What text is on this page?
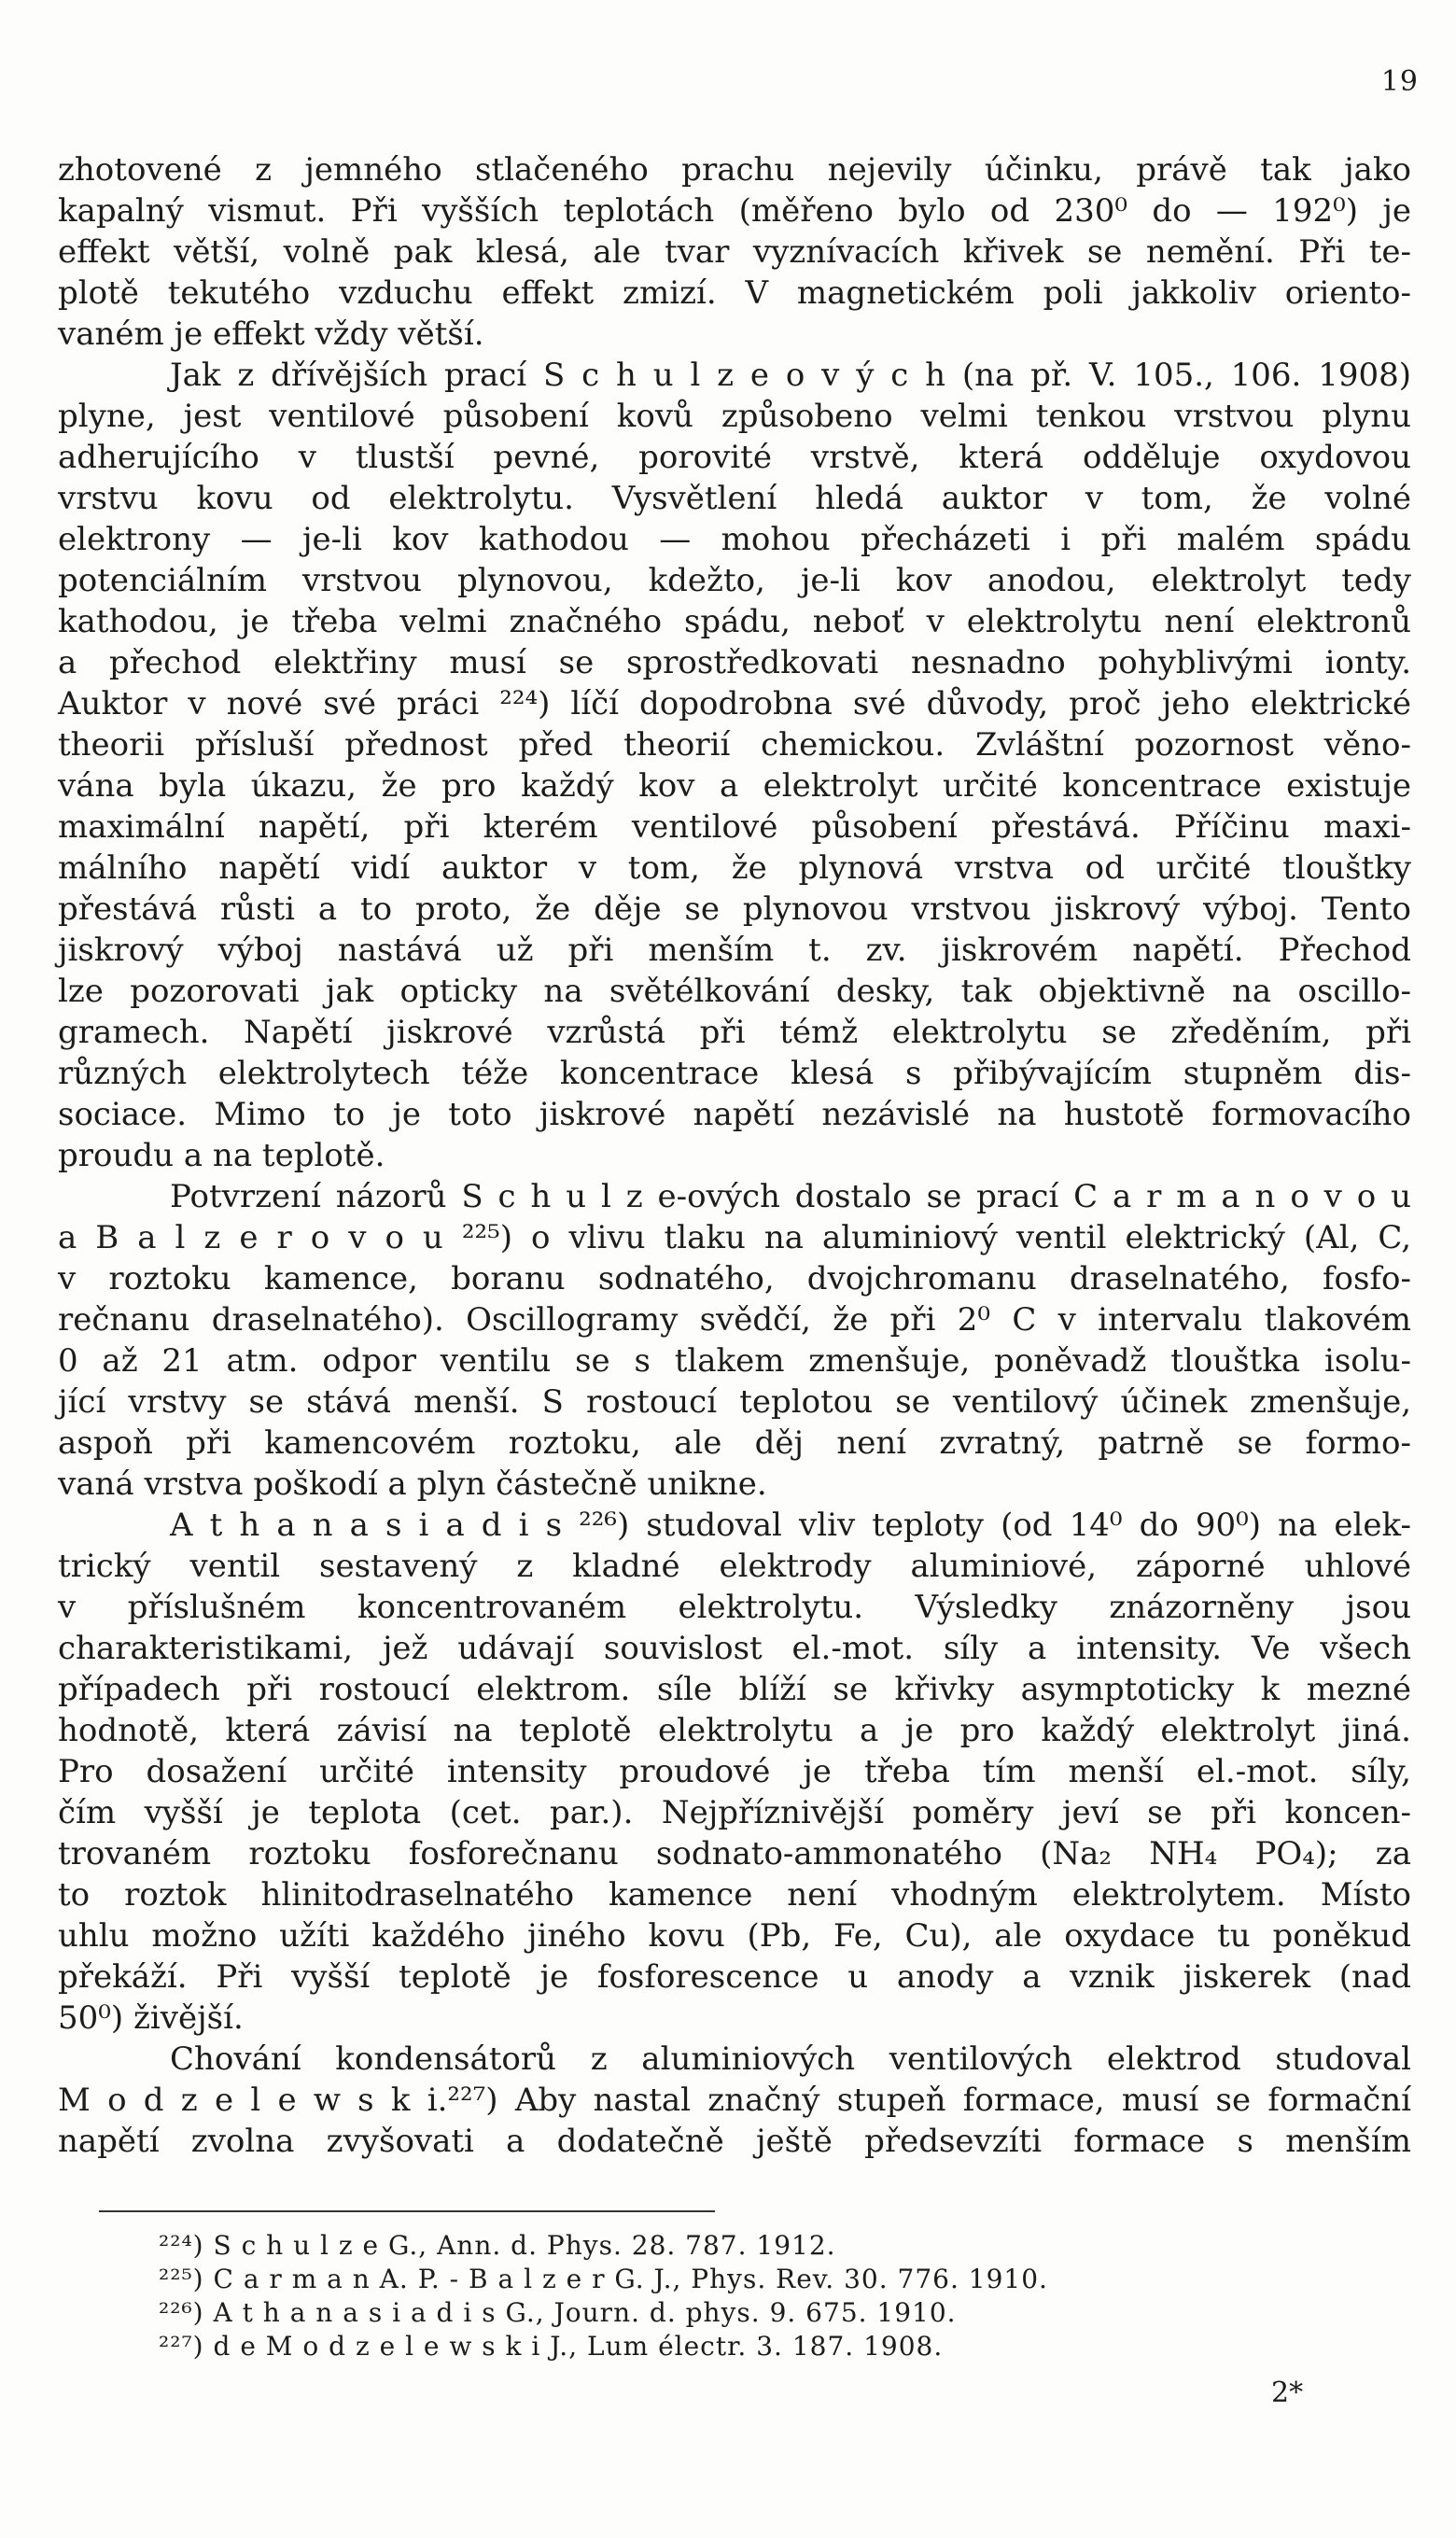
19
zhotovené z jemného stlačeného prachu nejevily účinku, právě tak jako
kapalný vismut. Při vyšších teplotách (měřeno bylo od 230⁰ do — 192⁰) je
effekt větší, volně pak klesá, ale tvar vyznívacích křivek se nemění. Při te-
plotě tekutého vzduchu effekt zmizí. V magnetickém poli jakkoliv oriento-
vaném je effekt vždy větší.
Jak z dřívějších prací S c h u l z e o v ý c h (na př. V. 105., 106. 1908)
plyne, jest ventilové působení kovů způsobeno velmi tenkou vrstvou plynu
adherujícího v tlustší pevné, porovité vrstvě, která odděluje oxydovou
vrstvu kovu od elektrolytu. Vysvětlení hledá auktor v tom, že volné
elektrony — je-li kov kathodou — mohou přecházeti i při malém spádu
potenciálním vrstvou plynovou, kdežto, je-li kov anodou, elektrolyt tedy
kathodou, je třeba velmi značného spádu, neboť v elektrolytu není elektronů
a přechod elektřiny musí se sprostředkovati nesnadno pohyblivými ionty.
Auktor v nové své práci ²²⁴) líčí dopodrobna své důvody, proč jeho elektrické
theorii přísluší přednost před theorií chemickou. Zvláštní pozornost věno-
vána byla úkazu, že pro každý kov a elektrolyt určité koncentrace existuje
maximální napětí, při kterém ventilové působení přestává. Příčinu maxi-
málního napětí vidí auktor v tom, že plynová vrstva od určité tlouštky
přestává růsti a to proto, že děje se plynovou vrstvou jiskrový výboj. Tento
jiskrový výboj nastává už při menším t. zv. jiskrovém napětí. Přechod
lze pozorovati jak opticky na světélkování desky, tak objektivně na oscillo-
gramech. Napětí jiskrové vzrůstá při témž elektrolytu se zředěním, při
různých elektrolytech téže koncentrace klesá s přibývajícím stupněm dis-
sociace. Mimo to je toto jiskrové napětí nezávislé na hustotě formovacího
proudu a na teplotě.
Potvrzení názorů S c h u l z e-ových dostalo se prací C a r m a n o v o u
a B a l z e r o v o u ²²⁵) o vlivu tlaku na aluminiový ventil elektrický (Al, C,
v roztoku kamence, boranu sodnatého, dvojchromanu draselnatého, fosfo-
rečnanu draselnatého). Oscillogramy svědčí, že při 2⁰ C v intervalu tlakovém
0 až 21 atm. odpor ventilu se s tlakem zmenšuje, poněvadž tlouštka isolu-
jící vrstvy se stává menší. S rostoucí teplotou se ventilový účinek zmenšuje,
aspoň při kamencovém roztoku, ale děj není zvratný, patrně se formo-
vaná vrstva poškodí a plyn částečně unikne.
A t h a n a s i a d i s ²²⁶) studoval vliv teploty (od 14⁰ do 90⁰) na elek-
trický ventil sestavený z kladné elektrody aluminiové, záporné uhlové
v příslušném koncentrovaném elektrolytu. Výsledky znázorněny jsou
charakteristikami, jež udávají souvislost el.-mot. síly a intensity. Ve všech
případech při rostoucí elektrom. síle blíží se křivky asymptoticky k mezné
hodnotě, která závisí na teplotě elektrolytu a je pro každý elektrolyt jiná.
Pro dosažení určité intensity proudové je třeba tím menší el.-mot. síly,
čím vyšší je teplota (cet. par.). Nejpříznivější poměry jeví se při koncen-
trovaném roztoku fosforečnanu sodnato-ammonatého (Na₂ NH₄ PO₄); za
to roztok hlinitodraselnatého kamence není vhodným elektrolytem. Místo
uhlu možno užíti každého jiného kovu (Pb, Fe, Cu), ale oxydace tu poněkud
překáží. Při vyšší teplotě je fosforescence u anody a vznik jiskerek (nad
50⁰) živější.
Chování kondensátorů z aluminiových ventilových elektrod studoval
M o d z e l e w s k i.²²⁷) Aby nastal značný stupeň formace, musí se formační
napětí zvolna zvyšovati a dodatečně ještě předsevzíti formace s menším
²²⁴) S c h u l z e G., Ann. d. Phys. 28. 787. 1912.
²²⁵) C a r m a n A. P. - B a l z e r G. J., Phys. Rev. 30. 776. 1910.
²²⁶) A t h a n a s i a d i s G., Journ. d. phys. 9. 675. 1910.
²²⁷) d e M o d z e l e w s k i J., Lum électr. 3. 187. 1908.
2*
